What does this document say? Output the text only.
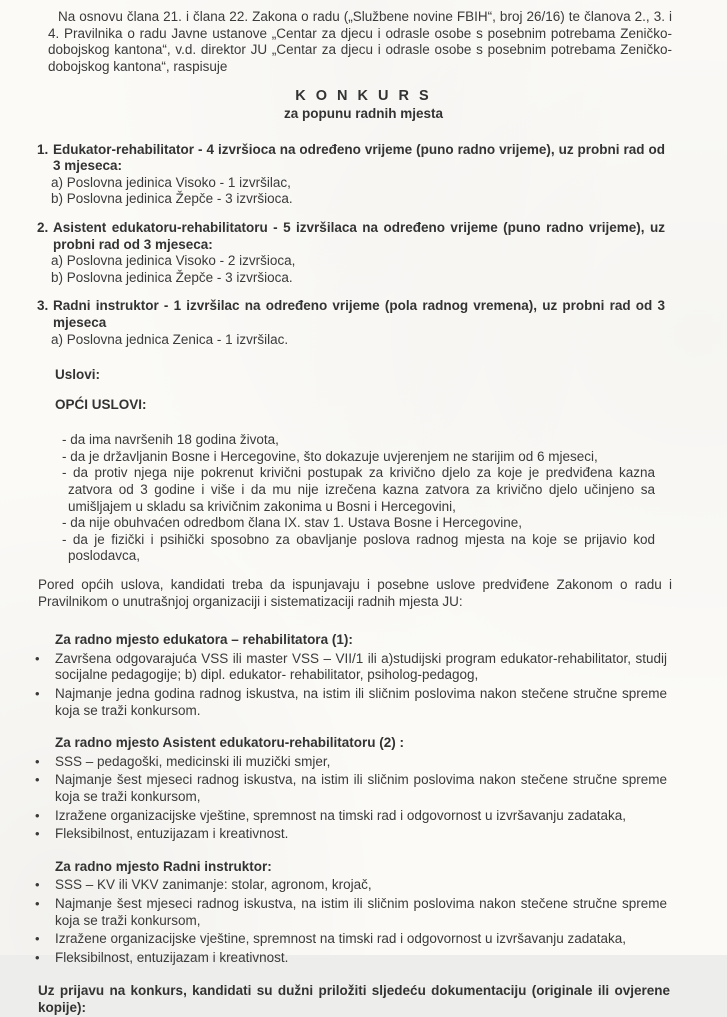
Na osnovu člana 21. i člana 22. Zakona o radu („Službene novine FBIH“, broj 26/16) te članova 2., 3. i 4. Pravilnika o radu Javne ustanove „Centar za djecu i odrasle osobe s posebnim potrebama Zeničko-dobojskog kantona“, v.d. direktor JU „Centar za djecu i odrasle osobe s posebnim potrebama Zeničko-dobojskog kantona“, raspisuje

K O N K U R S
za popunu radnih mjesta
1. Edukator-rehabilitator - 4 izvršioca na određeno vrijeme (puno radno vrijeme), uz probni rad od 3 mjeseca:

a) Poslovna jedinica Visoko - 1 izvršilac,

b) Poslovna jedinica Žepče - 3 izvršioca.

2. Asistent edukatoru-rehabilitatoru - 5 izvršilaca na određeno vrijeme (puno radno vrijeme), uz probni rad od 3 mjeseca:

a) Poslovna jedinica Visoko - 2 izvršioca,

b) Poslovna jedinica Žepče - 3 izvršioca.

3. Radni instruktor - 1 izvršilac na određeno vrijeme (pola radnog vremena), uz probni rad od 3 mjeseca

a) Poslovna jednica Zenica - 1 izvršilac.

Uslovi:

OPĆI USLOVI:

- da ima navršenih 18 godina života,
- da je državljanin Bosne i Hercegovine, što dokazuje uvjerenjem ne starijim od 6 mjeseci,
- da protiv njega nije pokrenut krivični postupak za krivično djelo za koje je predviđena kazna zatvora od 3 godine i više i da mu nije izrečena kazna zatvora za krivično djelo učinjeno sa umišljajem u skladu sa krivičnim zakonima u Bosni i Hercegovini,
- da nije obuhvaćen odredbom člana IX. stav 1. Ustava Bosne i Hercegovine,
- da je fizički i psihički sposobno za obavljanje poslova radnog mjesta na koje se prijavio kod poslodavca,

Pored općih uslova, kandidati treba da ispunjavaju i posebne uslove predviđene Zakonom o radu i Pravilnikom o unutrašnjoj organizaciji i sistematizaciji radnih mjesta JU:

Za radno mjesto edukatora – rehabilitatora (1):

• Završena odgovarajuća VSS ili master VSS – VII/1 ili a)studijski program edukator-rehabilitator, studij socijalne pedagogije; b) dipl. edukator- rehabilitator, psiholog-pedagog,
• Najmanje jedna godina radnog iskustva, na istim ili sličnim poslovima nakon stečene stručne spreme koja se traži konkursom.

Za radno mjesto Asistent edukatoru-rehabilitatoru (2) :

• SSS – pedagoški, medicinski ili muzički smjer,
• Najmanje šest mjeseci radnog iskustva, na istim ili sličnim poslovima nakon stečene stručne spreme koja se traži konkursom,
• Izražene organizacijske vještine, spremnost na timski rad i odgovornost u izvršavanju zadataka,
• Fleksibilnost, entuzijazam i kreativnost.

Za radno mjesto Radni instruktor:

• SSS – KV ili VKV zanimanje: stolar, agronom, krojač,
• Najmanje šest mjeseci radnog iskustva, na istim ili sličnim poslovima nakon stečene stručne spreme koja se traži konkursom,
• Izražene organizacijske vještine, spremnost na timski rad i odgovornost u izvršavanju zadataka,
• Fleksibilnost, entuzijazam i kreativnost.

Uz prijavu na konkurs, kandidati su dužni priložiti sljedeću dokumentaciju (originale ili ovjerene kopije):
